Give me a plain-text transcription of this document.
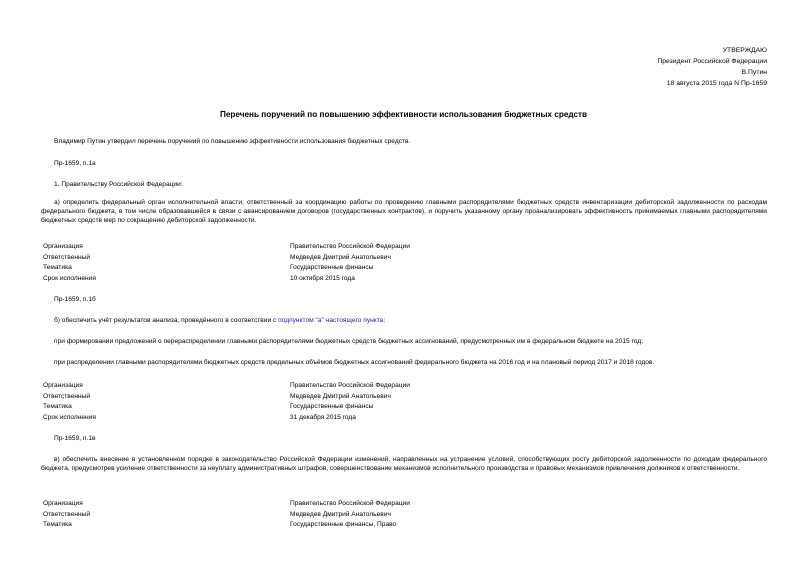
УТВЕРЖДАЮ
Президент Российской Федерации
В.Путин
18 августа 2015 года N Пр-1659
Перечень поручений по повышению эффективности использования бюджетных средств

Владимир Путин утвердил перечень поручений по повышению эффективности использования бюджетных средств.

Пр-1659, п.1а

1. Правительству Российской Федерации:

а) определить федеральный орган исполнительной власти, ответственный за координацию работы по проведению главными распорядителями бюджетных средств инвентаризации дебиторской задолженности по расходам федерального бюджета, в том числе образовавшейся в связи с авансированием договоров (государственных контрактов), и поручить указанному органу проанализировать эффективность принимаемых главными распорядителями бюджетных средств мер по сокращению дебиторской задолженности.

Организация	Правительство Российской Федерации
Ответственный	Медведев Дмитрий Анатольевич
Тематика	Государственные финансы
Срок исполнения	10 октября 2015 года

Пр-1659, п.1б

б) обеспечить учёт результатов анализа, проведённого в соответствии с подпунктом "а" настоящего пункта:

при формировании предложений о перераспределении главными распорядителями бюджетных средств бюджетных ассигнований, предусмотренных им в федеральном бюджете на 2015 год;

при распределении главными распорядителями бюджетных средств предельных объёмов бюджетных ассигнований федерального бюджета на 2016 год и на плановый период 2017 и 2018 годов.

Организация	Правительство Российской Федерации
Ответственный	Медведев Дмитрий Анатольевич
Тематика	Государственные финансы
Срок исполнения	31 декабря 2015 года

Пр-1659, п.1в

в) обеспечить внесение в установленном порядке в законодательство Российской Федерации изменений, направленных на устранение условий, способствующих росту дебиторской задолженности по доходам федерального бюджета, предусмотрев усиление ответственности за неуплату административных штрафов, совершенствование механизмов исполнительного производства и правовых механизмов привлечения должников к ответственности.

Организация	Правительство Российской Федерации
Ответственный	Медведев Дмитрий Анатольевич
Тематика	Государственные финансы, Право
